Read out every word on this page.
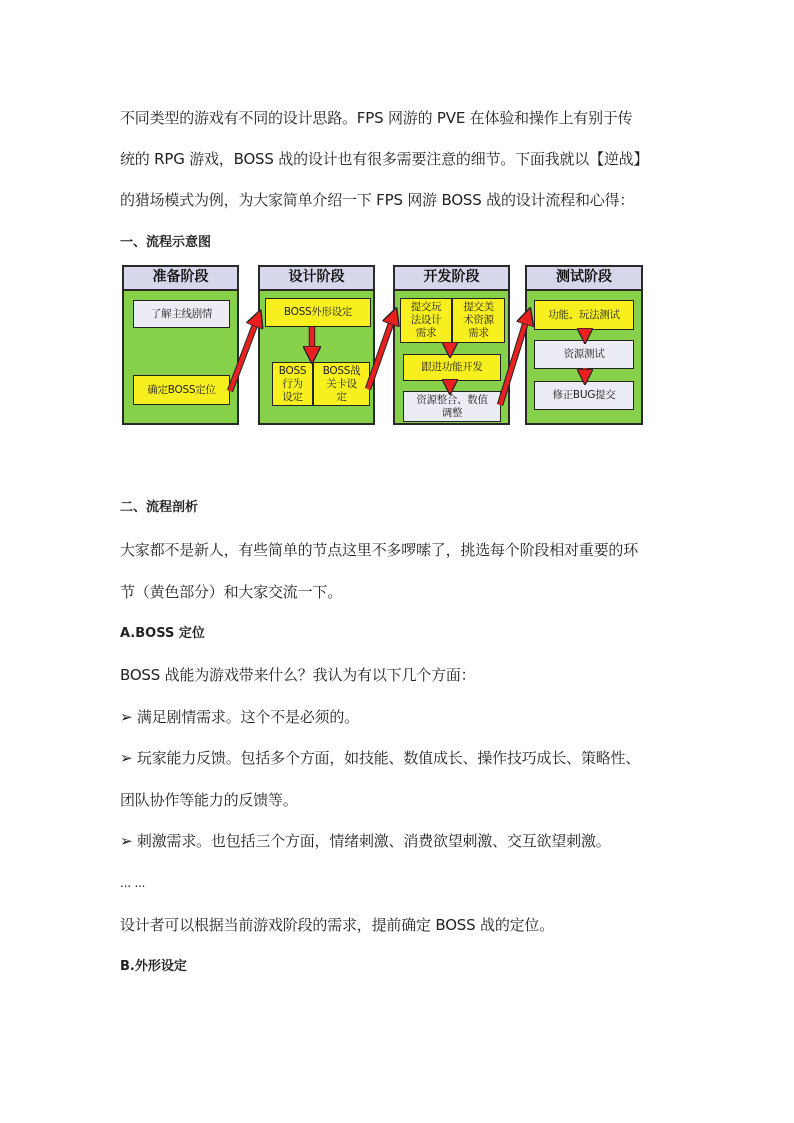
不同类型的游戏有不同的设计思路。FPS 网游的 PVE 在体验和操作上有别于传
统的 RPG 游戏，BOSS 战的设计也有很多需要注意的细节。下面我就以【逆战】
的猎场模式为例，为大家简单介绍一下 FPS 网游 BOSS 战的设计流程和心得：
一、流程示意图
准备阶段
了解主线剧情
确定BOSS定位
设计阶段
BOSS外形设定
BOSS
行为
设定
BOSS战
关卡设
定
开发阶段
提交玩
法设计
需求
提交美
术资源
需求
跟进功能开发
资源整合、数值
调整
测试阶段
功能、玩法测试
资源测试
修正BUG提交
二、流程剖析
大家都不是新人，有些简单的节点这里不多啰嗦了，挑选每个阶段相对重要的环
节（黄色部分）和大家交流一下。
A.BOSS 定位
BOSS 战能为游戏带来什么？我认为有以下几个方面：
➢ 满足剧情需求。这个不是必须的。
➢ 玩家能力反馈。包括多个方面，如技能、数值成长、操作技巧成长、策略性、
团队协作等能力的反馈等。
➢ 刺激需求。也包括三个方面，情绪刺激、消费欲望刺激、交互欲望刺激。
... ...
设计者可以根据当前游戏阶段的需求，提前确定 BOSS 战的定位。
B.外形设定
